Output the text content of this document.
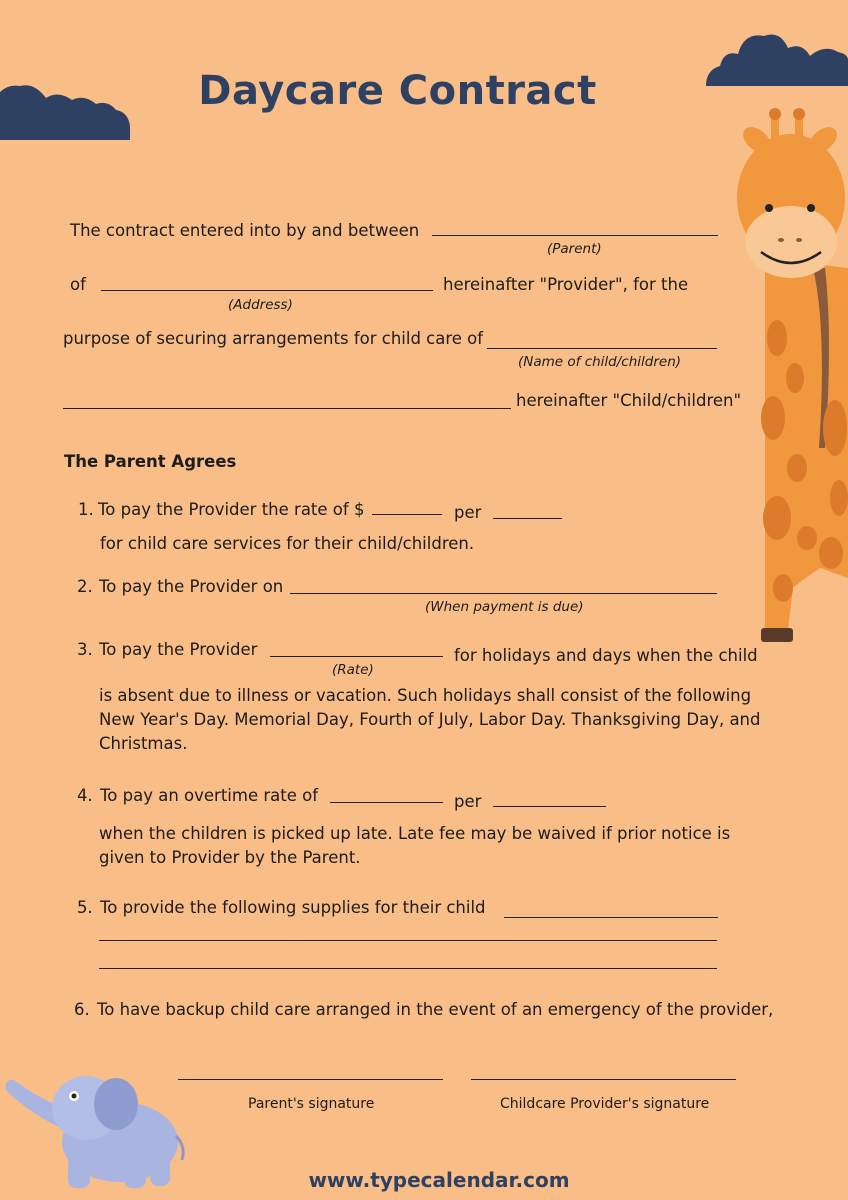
Daycare Contract
The contract entered into by and between
(Parent)
of	hereinafter "Provider", for the
(Address)
purpose of securing arrangements for child care of
(Name of child/children)
hereinafter "Child/children"
The Parent Agrees
1. To pay the Provider the rate of $	per
for child care services for their child/children.
2. To pay the Provider on
(When payment is due)
3. To pay the Provider
(Rate)
for holidays and days when the child
is absent due to illness or vacation. Such holidays shall consist of the following New Year's Day. Memorial Day, Fourth of July, Labor Day. Thanksgiving Day, and Christmas.
4. To pay an overtime rate of	per
when the children is picked up late. Late fee may be waived if prior notice is given to Provider by the Parent.
5. To provide the following supplies for their child
6. To have backup child care arranged in the event of an emergency of the provider,
Parent's signature	Childcare Provider's signature
www.typecalendar.com
